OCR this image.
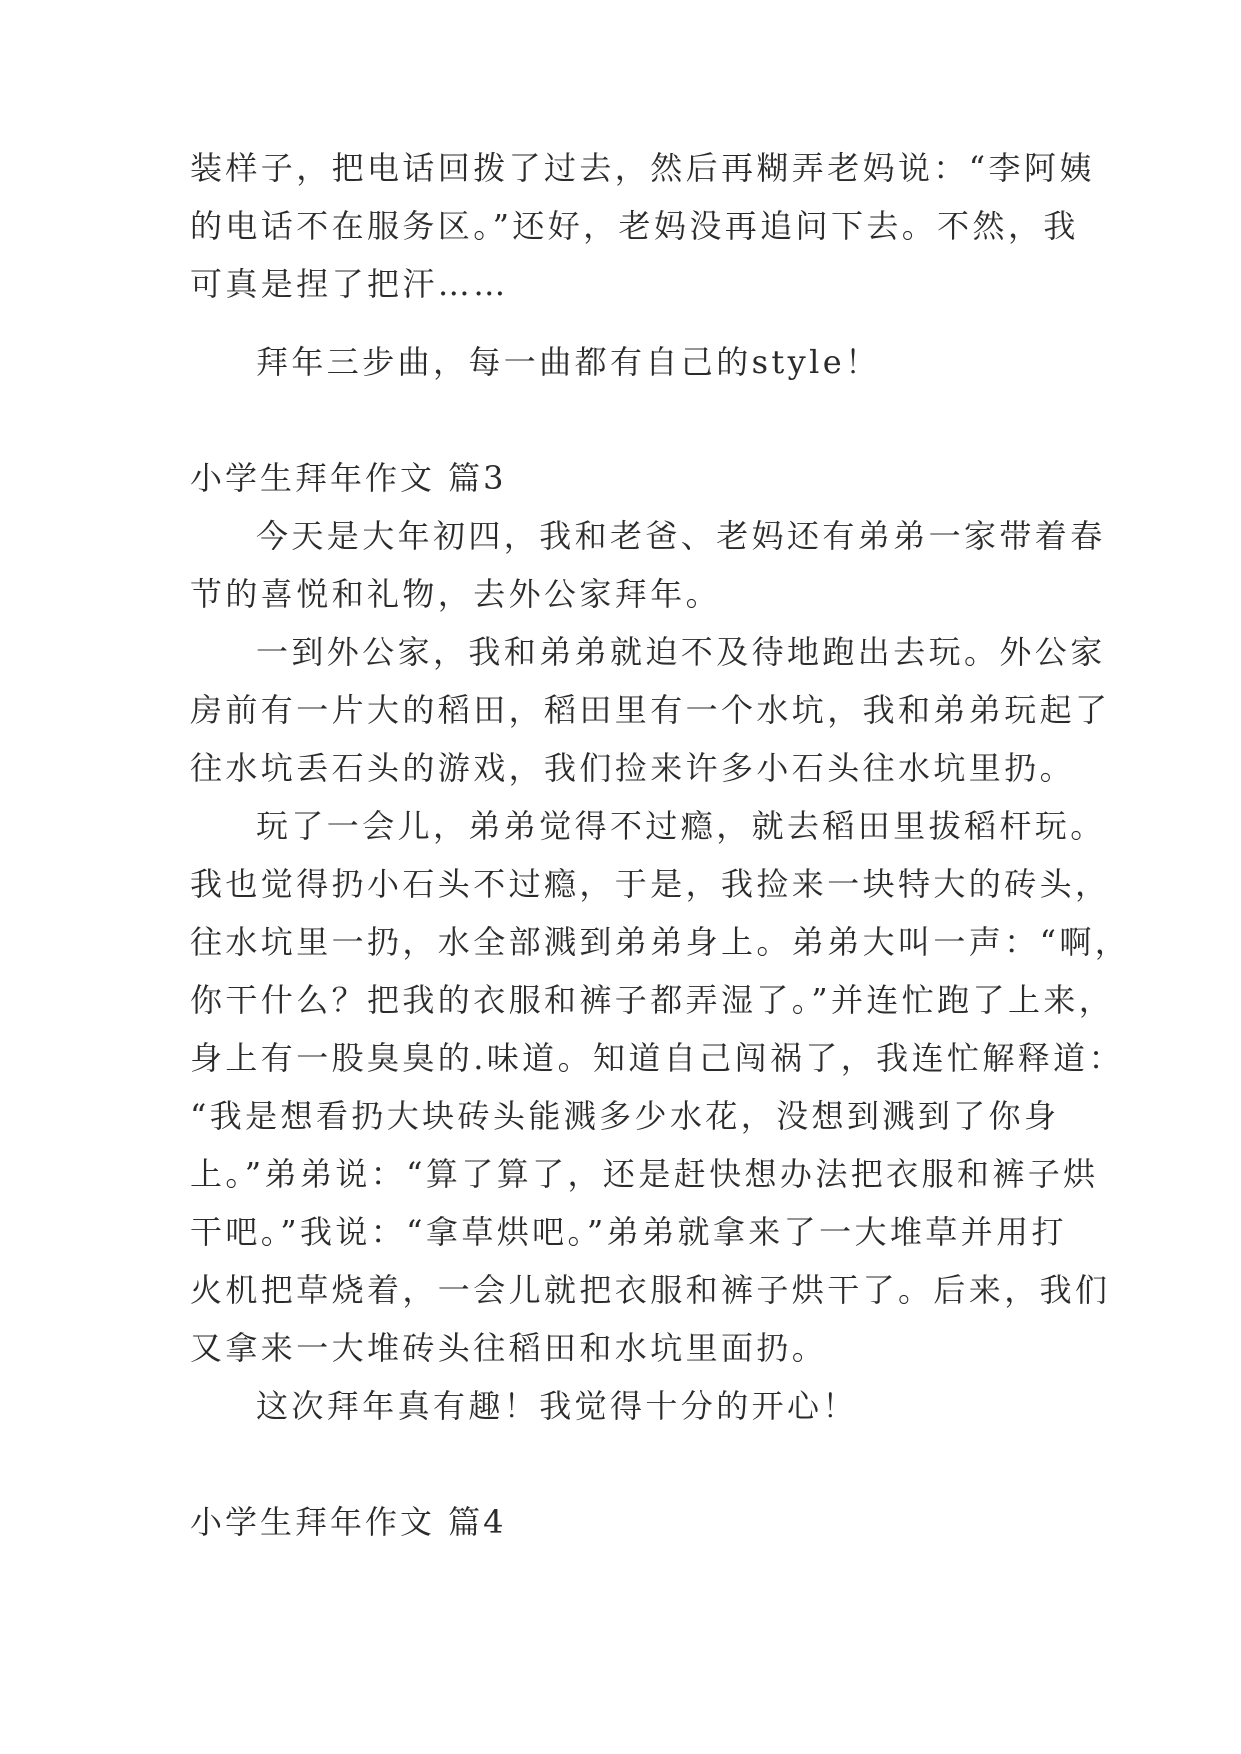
装样子，把电话回拨了过去，然后再糊弄老妈说：“李阿姨
的电话不在服务区。”还好，老妈没再追问下去。不然，我
可真是捏了把汗……
拜年三步曲，每一曲都有自己的style！
小学生拜年作文 篇3
今天是大年初四，我和老爸、老妈还有弟弟一家带着春
节的喜悦和礼物，去外公家拜年。
一到外公家，我和弟弟就迫不及待地跑出去玩。外公家
房前有一片大的稻田，稻田里有一个水坑，我和弟弟玩起了
往水坑丢石头的游戏，我们捡来许多小石头往水坑里扔。
玩了一会儿，弟弟觉得不过瘾，就去稻田里拔稻杆玩。
我也觉得扔小石头不过瘾，于是，我捡来一块特大的砖头，
往水坑里一扔，水全部溅到弟弟身上。弟弟大叫一声：“啊，
你干什么？把我的衣服和裤子都弄湿了。”并连忙跑了上来，
身上有一股臭臭的.味道。知道自己闯祸了，我连忙解释道：
“我是想看扔大块砖头能溅多少水花，没想到溅到了你身
上。”弟弟说：“算了算了，还是赶快想办法把衣服和裤子烘
干吧。”我说：“拿草烘吧。”弟弟就拿来了一大堆草并用打
火机把草烧着，一会儿就把衣服和裤子烘干了。后来，我们
又拿来一大堆砖头往稻田和水坑里面扔。
这次拜年真有趣！我觉得十分的开心！
小学生拜年作文 篇4
